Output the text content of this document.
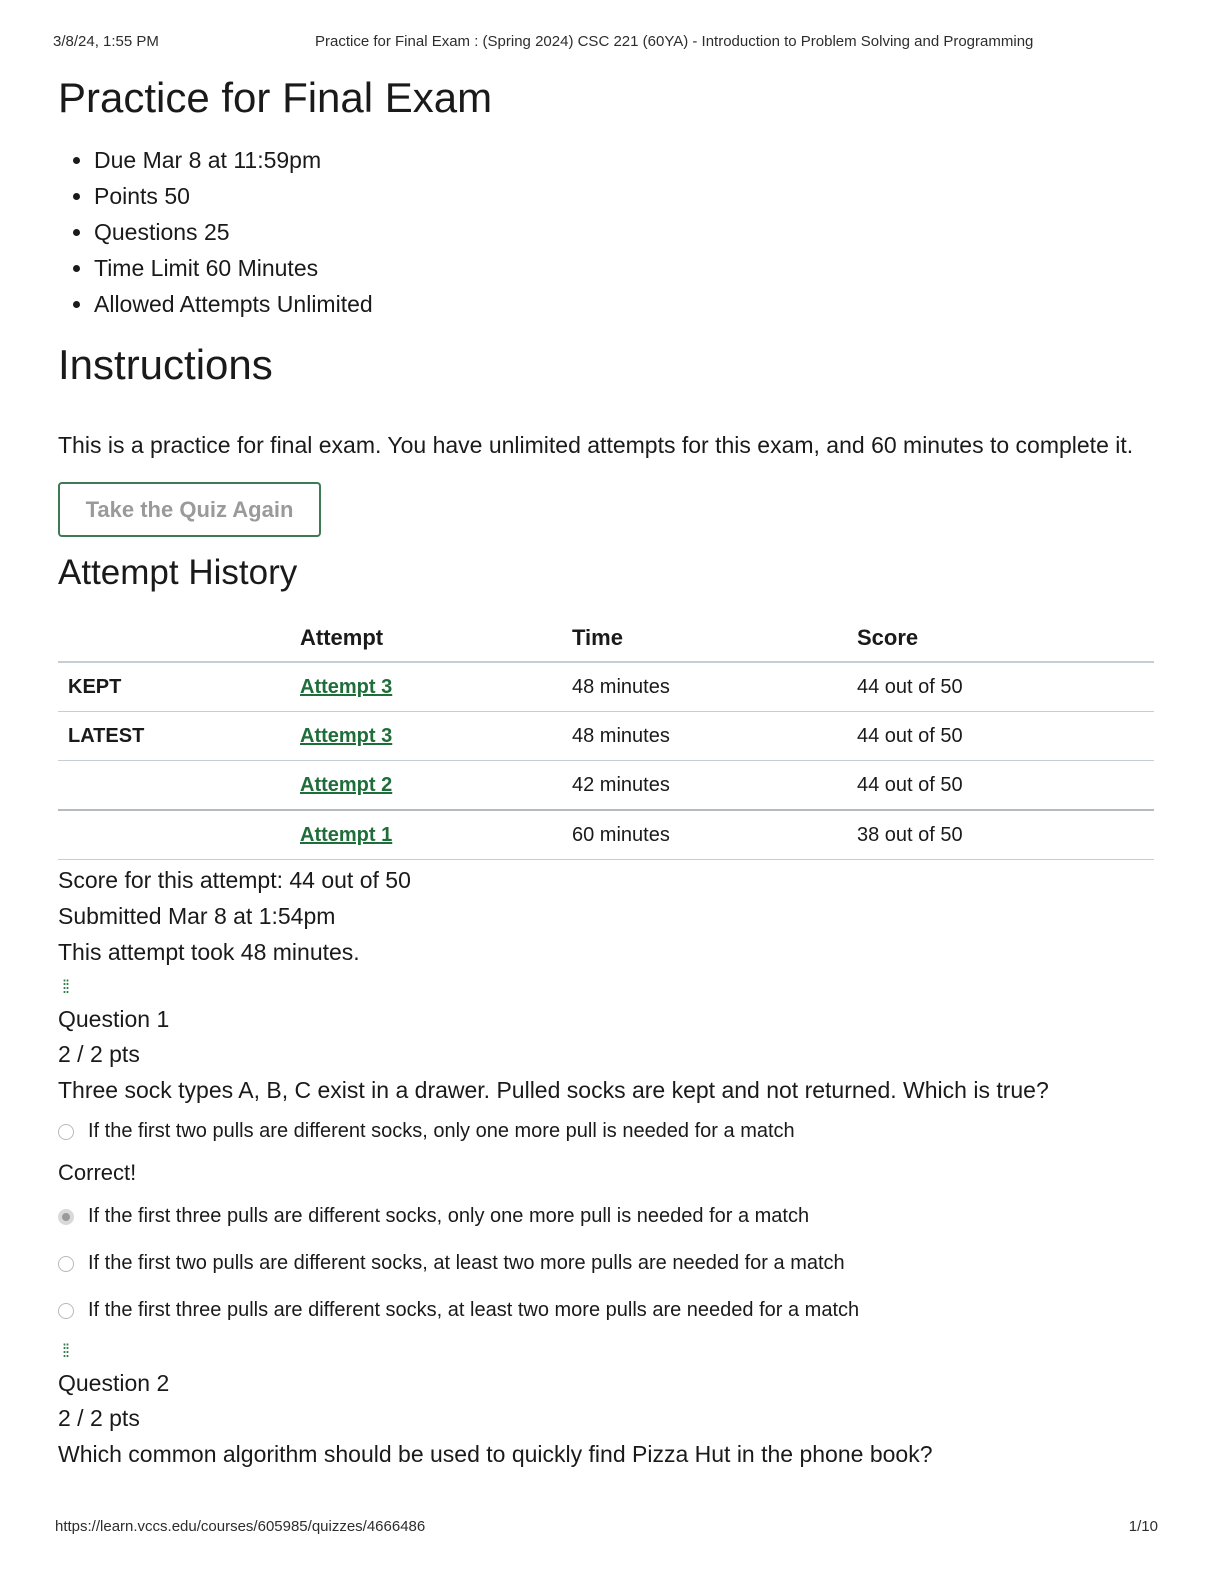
3/8/24, 1:55 PM	Practice for Final Exam : (Spring 2024) CSC 221 (60YA) - Introduction to Problem Solving and Programming
Practice for Final Exam
• Due Mar 8 at 11:59pm
• Points 50
• Questions 25
• Time Limit 60 Minutes
• Allowed Attempts Unlimited
Instructions

This is a practice for final exam. You have unlimited attempts for this exam, and 60 minutes to complete it.

Take the Quiz Again
Attempt History
	Attempt	Time	Score
KEPT	Attempt 3	48 minutes	44 out of 50
LATEST	Attempt 3	48 minutes	44 out of 50
	Attempt 2	42 minutes	44 out of 50
	Attempt 1	60 minutes	38 out of 50
Score for this attempt: 44 out of 50
Submitted Mar 8 at 1:54pm
This attempt took 48 minutes.
⁞⁞
Question 1
2 / 2 pts
Three sock types A, B, C exist in a drawer. Pulled socks are kept and not returned. Which is true?
If the first two pulls are different socks, only one more pull is needed for a match
Correct!
If the first three pulls are different socks, only one more pull is needed for a match
If the first two pulls are different socks, at least two more pulls are needed for a match
If the first three pulls are different socks, at least two more pulls are needed for a match
⁞⁞
Question 2
2 / 2 pts
Which common algorithm should be used to quickly find Pizza Hut in the phone book?
https://learn.vccs.edu/courses/605985/quizzes/4666486	1/10
